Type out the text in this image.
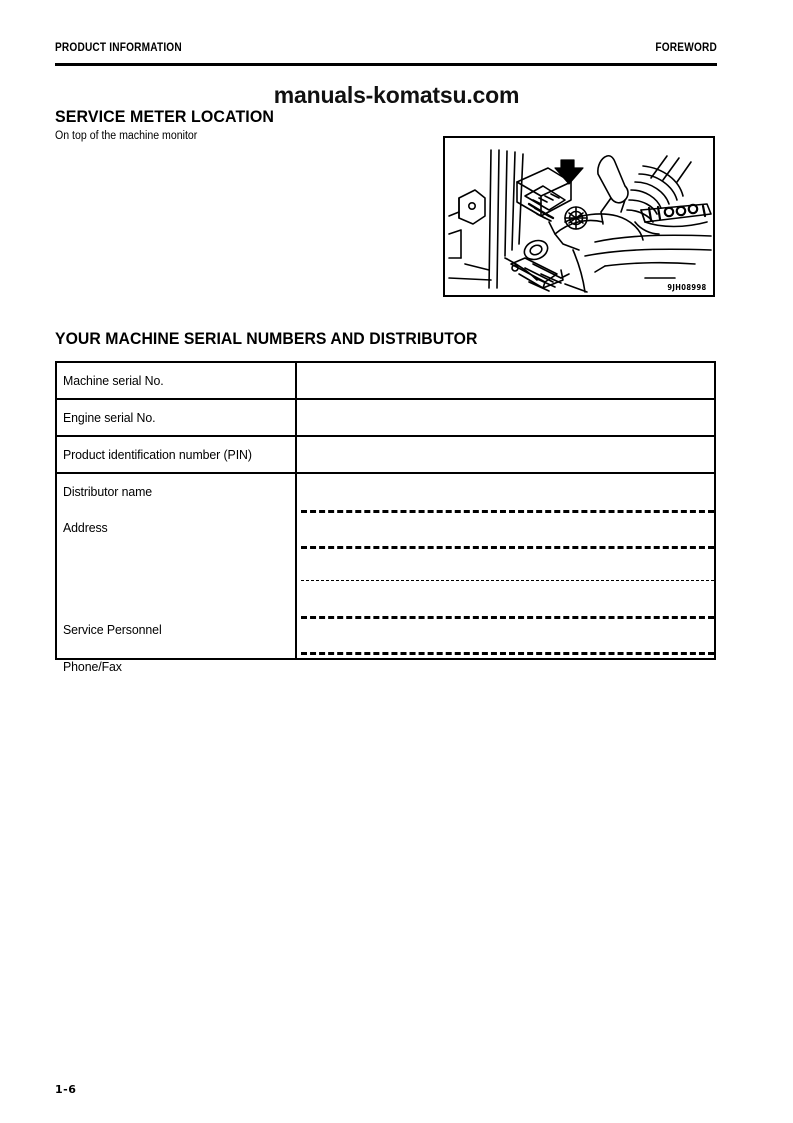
PRODUCT INFORMATION	FOREWORD
manuals-komatsu.com
SERVICE METER LOCATION
On top of the machine monitor
9JH08998
YOUR MACHINE SERIAL NUMBERS AND DISTRIBUTOR
Machine serial No.
Engine serial No.
Product identification number (PIN)
Distributor name
Address
Service Personnel
Phone/Fax
1-6
